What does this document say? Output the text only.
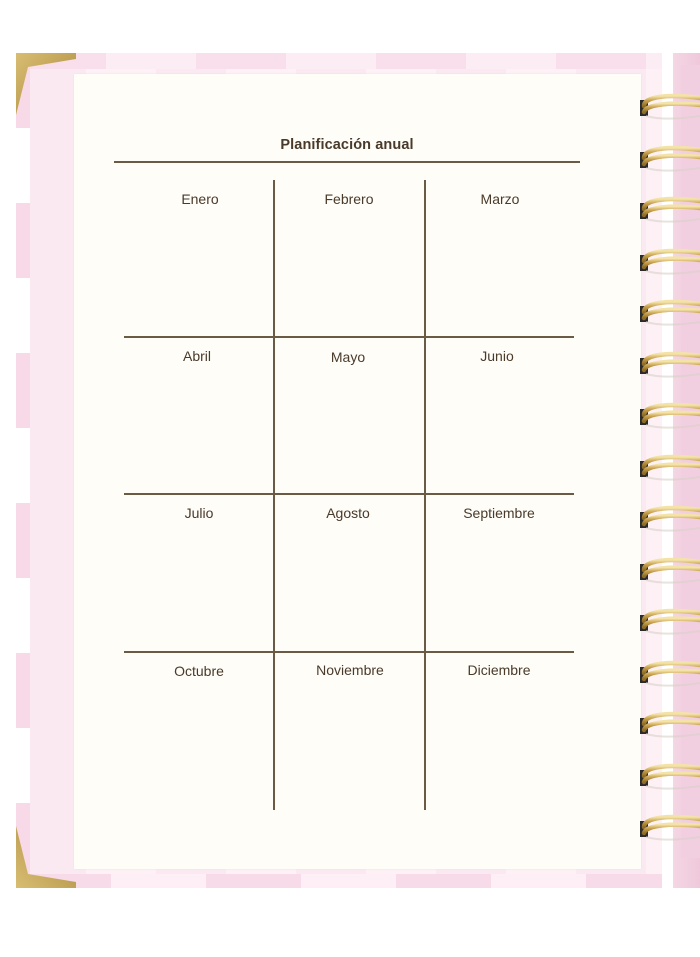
Planificación anual
Enero	Febrero	Marzo
Abril	Mayo	Junio
Julio	Agosto	Septiembre
Octubre	Noviembre	Diciembre
